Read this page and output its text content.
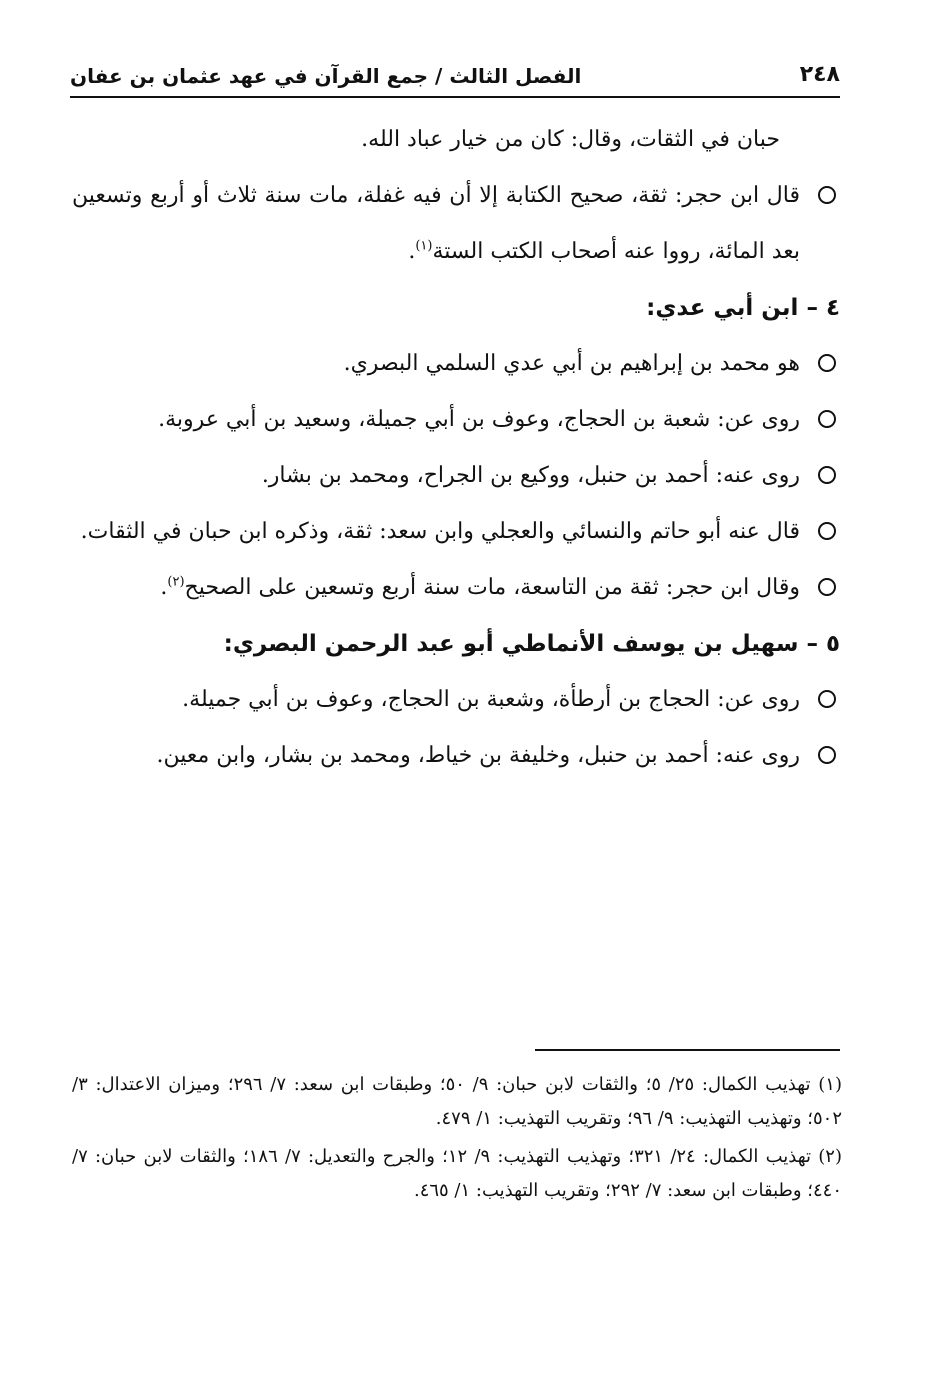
٢٤٨
الفصل الثالث / جمع القرآن في عهد عثمان بن عفان

حبان في الثقات، وقال: كان من خيار عباد الله.

قال ابن حجر: ثقة، صحيح الكتابة إلا أن فيه غفلة، مات سنة ثلاث أو أربع وتسعين بعد المائة، رووا عنه أصحاب الكتب الستة$^{(١)}$.

٤ – ابن أبي عدي:

هو محمد بن إبراهيم بن أبي عدي السلمي البصري.

روى عن: شعبة بن الحجاج، وعوف بن أبي جميلة، وسعيد بن أبي عروبة.

روى عنه: أحمد بن حنبل، ووكيع بن الجراح، ومحمد بن بشار.

قال عنه أبو حاتم والنسائي والعجلي وابن سعد: ثقة، وذكره ابن حبان في الثقات.

وقال ابن حجر: ثقة من التاسعة، مات سنة أربع وتسعين على الصحيح$^{(٢)}$.

٥ – سهيل بن يوسف الأنماطي أبو عبد الرحمن البصري:

روى عن: الحجاج بن أرطأة، وشعبة بن الحجاج، وعوف بن أبي جميلة.

روى عنه: أحمد بن حنبل، وخليفة بن خياط، ومحمد بن بشار، وابن معين.

(١) تهذيب الكمال: ٢٥/ ٥؛ والثقات لابن حبان: ٩/ ٥٠؛ وطبقات ابن سعد: ٧/ ٢٩٦؛ وميزان الاعتدال: ٣/ ٥٠٢؛ وتهذيب التهذيب: ٩/ ٩٦؛ وتقريب التهذيب: ١/ ٤٧٩.

(٢) تهذيب الكمال: ٢٤/ ٣٢١؛ وتهذيب التهذيب: ٩/ ١٢؛ والجرح والتعديل: ٧/ ١٨٦؛ والثقات لابن حبان: ٧/ ٤٤٠؛ وطبقات ابن سعد: ٧/ ٢٩٢؛ وتقريب التهذيب: ١/ ٤٦٥.
